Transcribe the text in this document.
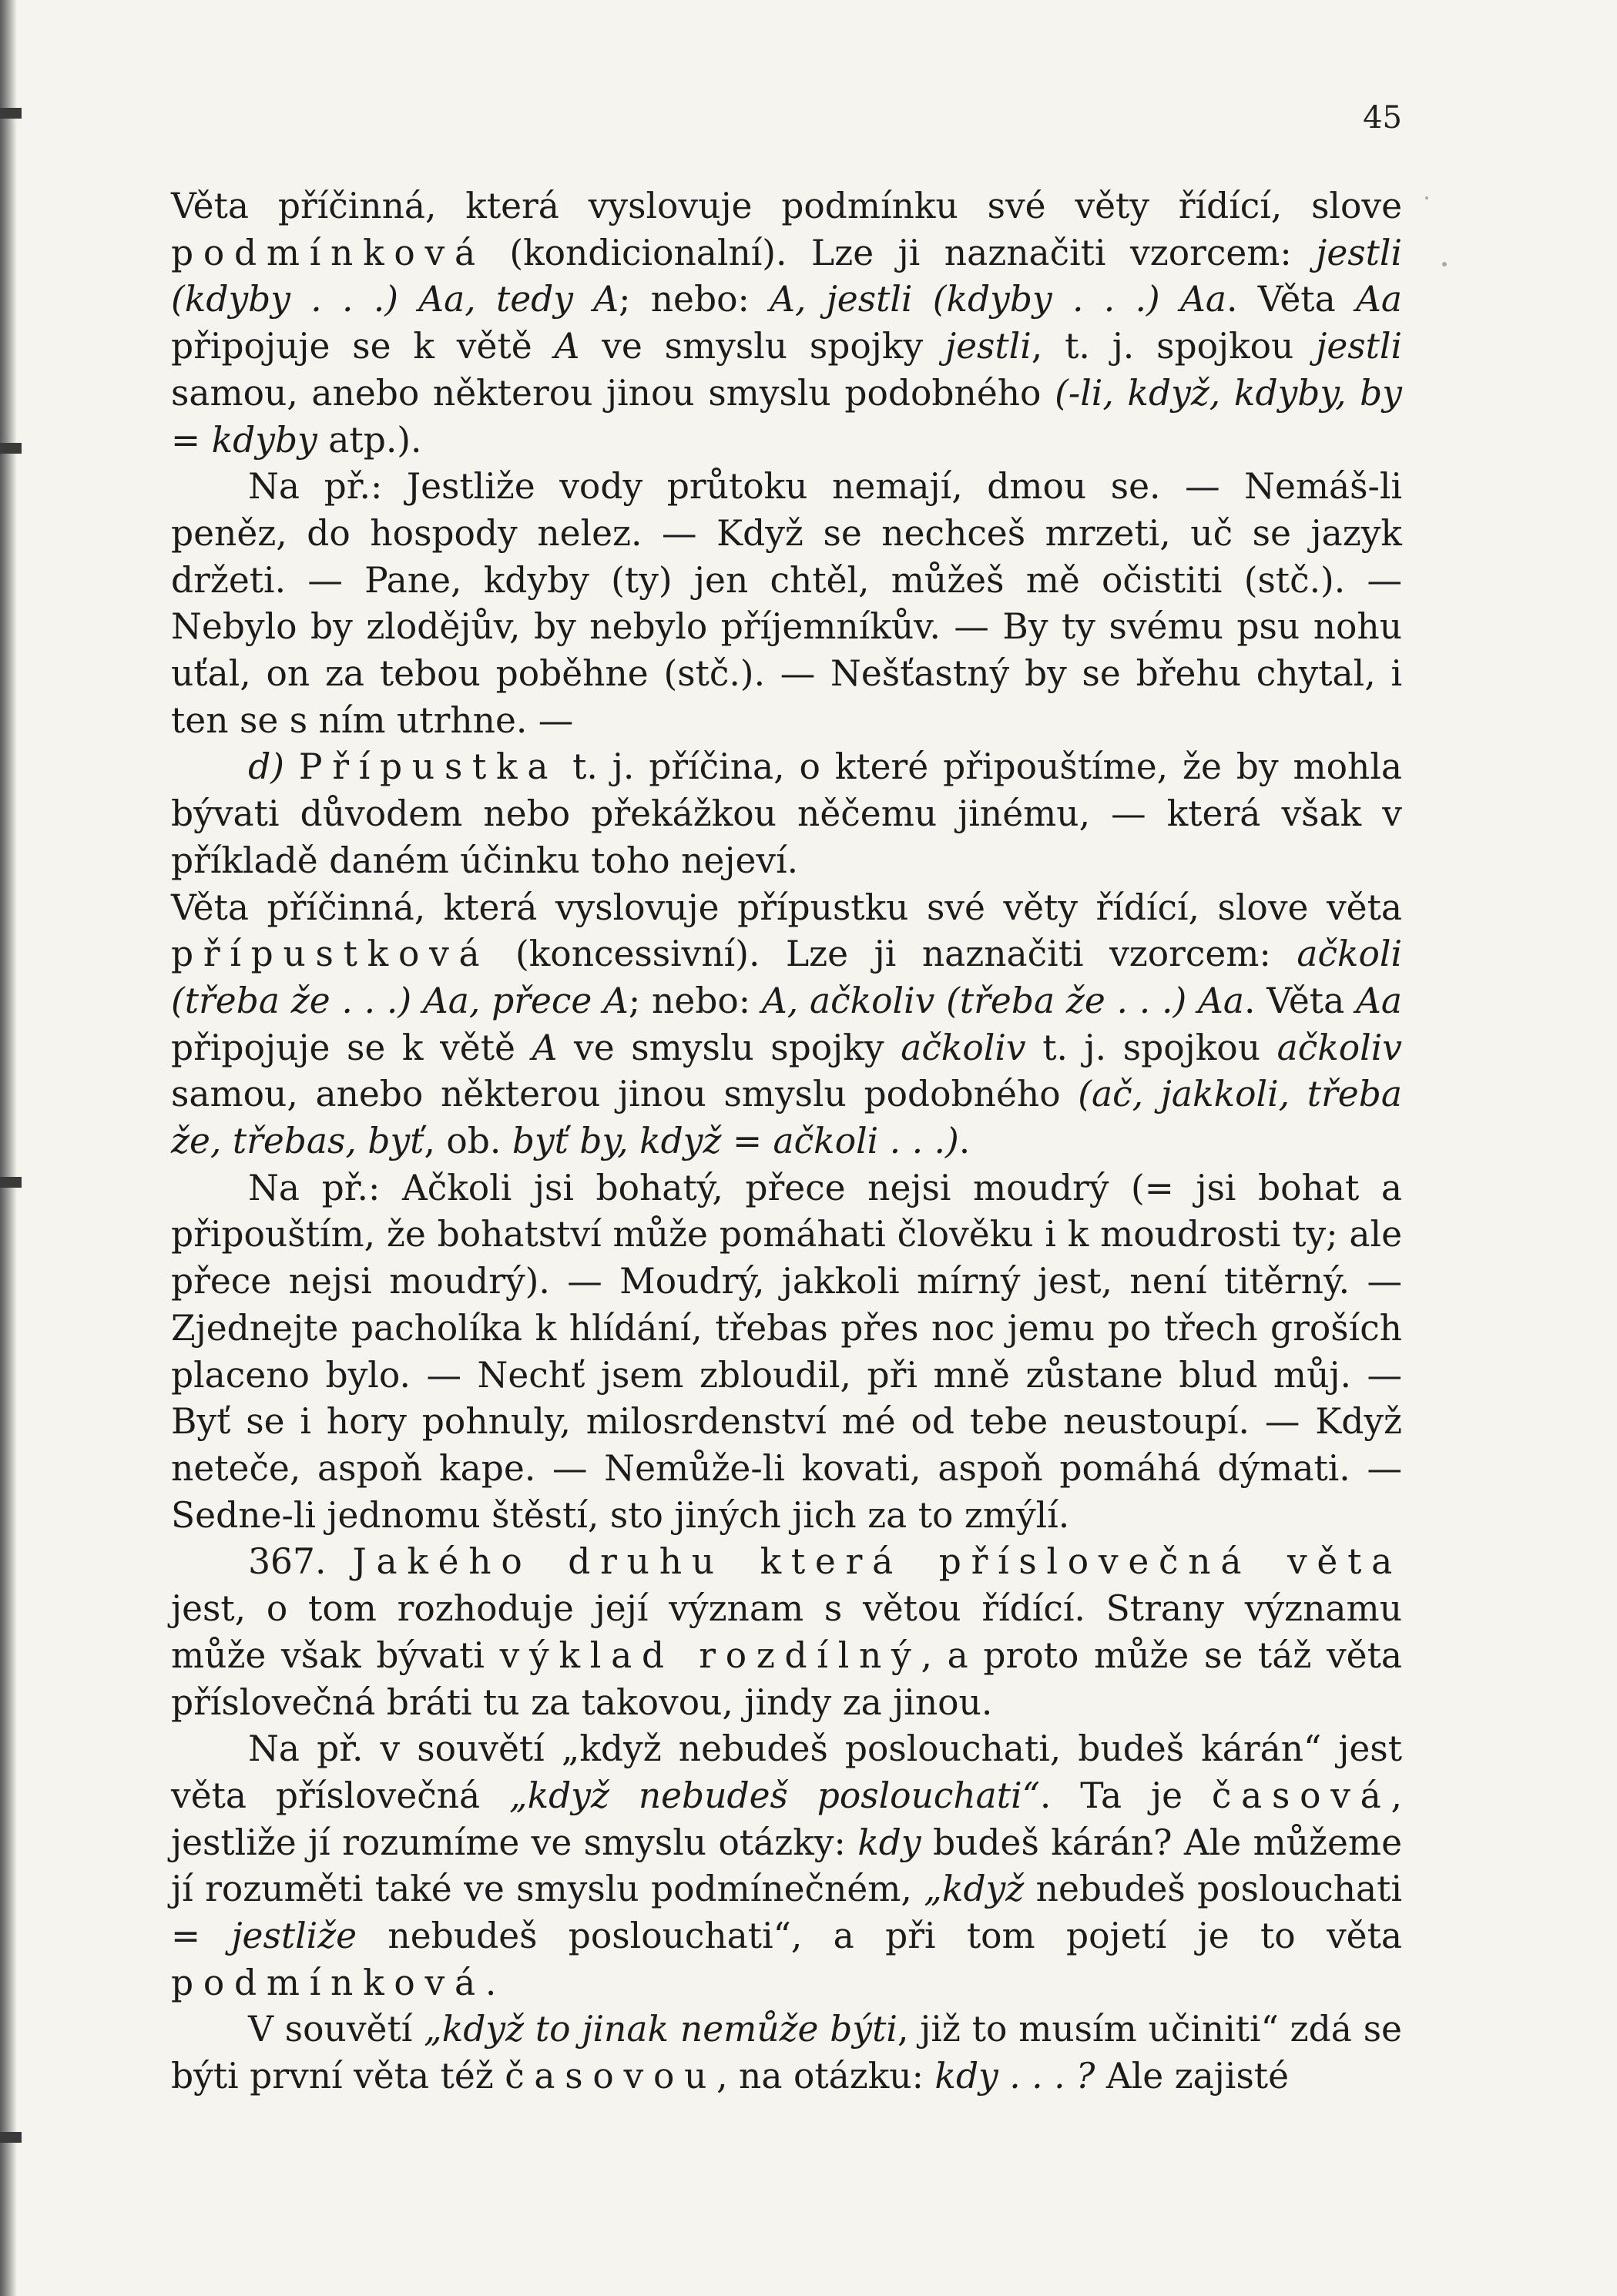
45

Věta příčinná, která vyslovuje podmínku své věty řídící, slove podmínková (kondicionalní). Lze ji naznačiti vzorcem: jestli (kdyby . . .) Aa, tedy A; nebo: A, jestli (kdyby . . .) Aa. Věta Aa připojuje se k větě A ve smyslu spojky jestli, t. j. spojkou jestli samou, anebo některou jinou smyslu podobného (-li, když, kdyby, by = kdyby atp.).

Na př.: Jestliže vody průtoku nemají, dmou se. — Nemáš-li peněz, do hospody nelez. — Když se nechceš mrzeti, uč se jazyk držeti. — Pane, kdyby (ty) jen chtěl, můžeš mě očistiti (stč.). — Nebylo by zlodějův, by nebylo příjemníkův. — By ty svému psu nohu uťal, on za tebou poběhne (stč.). — Nešťastný by se břehu chytal, i ten se s ním utrhne. —

d) Přípustka t. j. příčina, o které připouštíme, že by mohla bývati důvodem nebo překážkou něčemu jinému, — která však v příkladě daném účinku toho nejeví.

Věta příčinná, která vyslovuje přípustku své věty řídící, slove věta přípustková (koncessivní). Lze ji naznačiti vzorcem: ačkoli (třeba že . . .) Aa, přece A; nebo: A, ačkoliv (třeba že . . .) Aa. Věta Aa připojuje se k větě A ve smyslu spojky ačkoliv t. j. spojkou ačkoliv samou, anebo některou jinou smyslu podobného (ač, jakkoli, třeba že, třebas, byť, ob. byť by, když = ačkoli . . .).

Na př.: Ačkoli jsi bohatý, přece nejsi moudrý (= jsi bohat a připouštím, že bohatství může pomáhati člověku i k moudrosti ty; ale přece nejsi moudrý). — Moudrý, jakkoli mírný jest, není titěrný. — Zjednejte pacholíka k hlídání, třebas přes noc jemu po třech groších placeno bylo. — Nechť jsem zbloudil, při mně zůstane blud můj. — Byť se i hory pohnuly, milosrdenství mé od tebe neustoupí. — Když neteče, aspoň kape. — Nemůže-li kovati, aspoň pomáhá dýmati. — Sedne-li jednomu štěstí, sto jiných jich za to zmýlí.

367. Jakého druhu která příslovečná věta jest, o tom rozhoduje její význam s větou řídící. Strany významu může však bývati výklad rozdílný, a proto může se táž věta příslovečná bráti tu za takovou, jindy za jinou.

Na př. v souvětí „když nebudeš poslouchati, budeš kárán“ jest věta příslovečná „když nebudeš poslouchati“. Ta je časová, jestliže jí rozumíme ve smyslu otázky: kdy budeš kárán? Ale můžeme jí rozuměti také ve smyslu podmínečném, „když nebudeš poslouchati = jestliže nebudeš poslouchati“, a při tom pojetí je to věta podmínková.

V souvětí „když to jinak nemůže býti, již to musím učiniti“ zdá se býti první věta též časovou, na otázku: kdy . . . ? Ale zajisté
